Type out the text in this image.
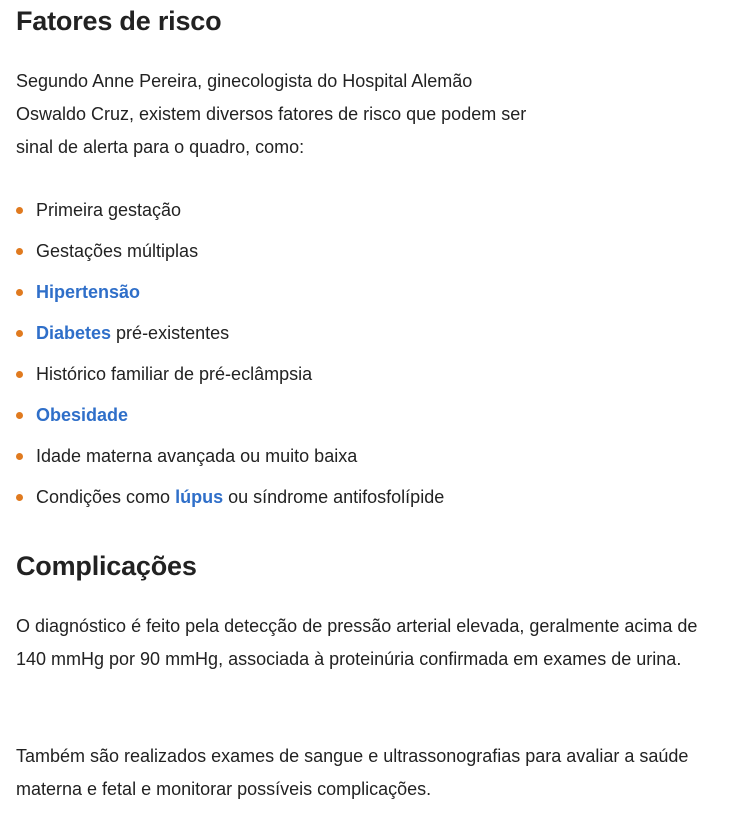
Fatores de risco

Segundo Anne Pereira, ginecologista do Hospital Alemão Oswaldo Cruz, existem diversos fatores de risco que podem ser sinal de alerta para o quadro, como:

Primeira gestação
Gestações múltiplas
Hipertensão
Diabetes pré-existentes
Histórico familiar de pré-eclâmpsia
Obesidade
Idade materna avançada ou muito baixa
Condições como lúpus ou síndrome antifosfolípide
Complicações

O diagnóstico é feito pela detecção de pressão arterial elevada, geralmente acima de 140 mmHg por 90 mmHg, associada à proteinúria confirmada em exames de urina.

Também são realizados exames de sangue e ultrassonografias para avaliar a saúde materna e fetal e monitorar possíveis complicações.
